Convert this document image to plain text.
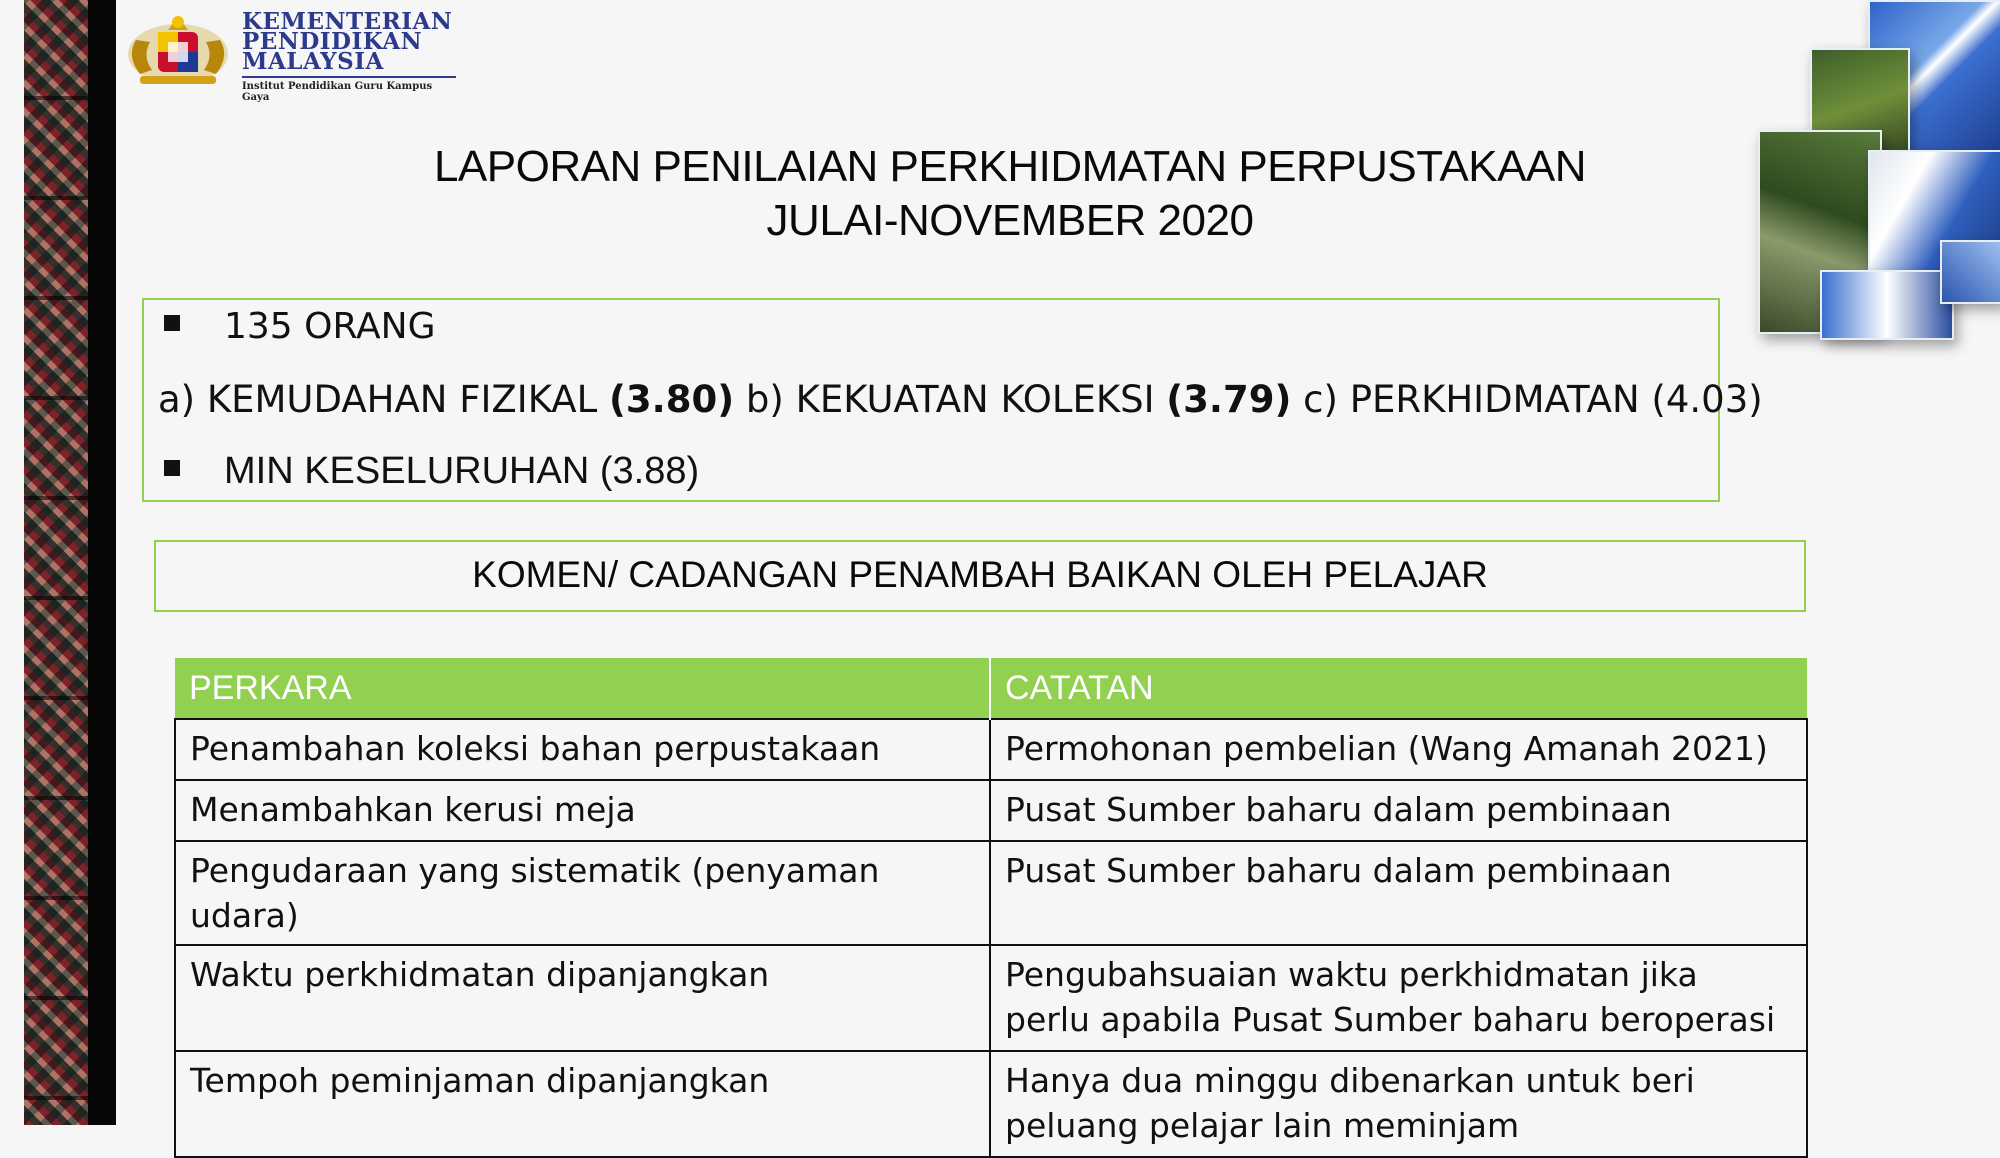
KEMENTERIAN
PENDIDIKAN
MALAYSIA
Institut Pendidikan Guru Kampus Gaya
LAPORAN PENILAIAN PERKHIDMATAN PERPUSTAKAAN
JULAI-NOVEMBER 2020
135 ORANG
a) KEMUDAHAN FIZIKAL (3.80) b) KEKUATAN KOLEKSI (3.79) c) PERKHIDMATAN (4.03)
MIN KESELURUHAN (3.88)
KOMEN/ CADANGAN PENAMBAH BAIKAN OLEH PELAJAR
PERKARA	CATATAN
Penambahan koleksi bahan perpustakaan	Permohonan pembelian (Wang Amanah 2021)
Menambahkan kerusi meja	Pusat Sumber baharu dalam pembinaan
Pengudaraan yang sistematik (penyaman udara)	Pusat Sumber baharu dalam pembinaan
Waktu perkhidmatan dipanjangkan	Pengubahsuaian waktu perkhidmatan jika perlu apabila Pusat Sumber baharu beroperasi
Tempoh peminjaman dipanjangkan	Hanya dua minggu dibenarkan untuk beri peluang pelajar lain meminjam
